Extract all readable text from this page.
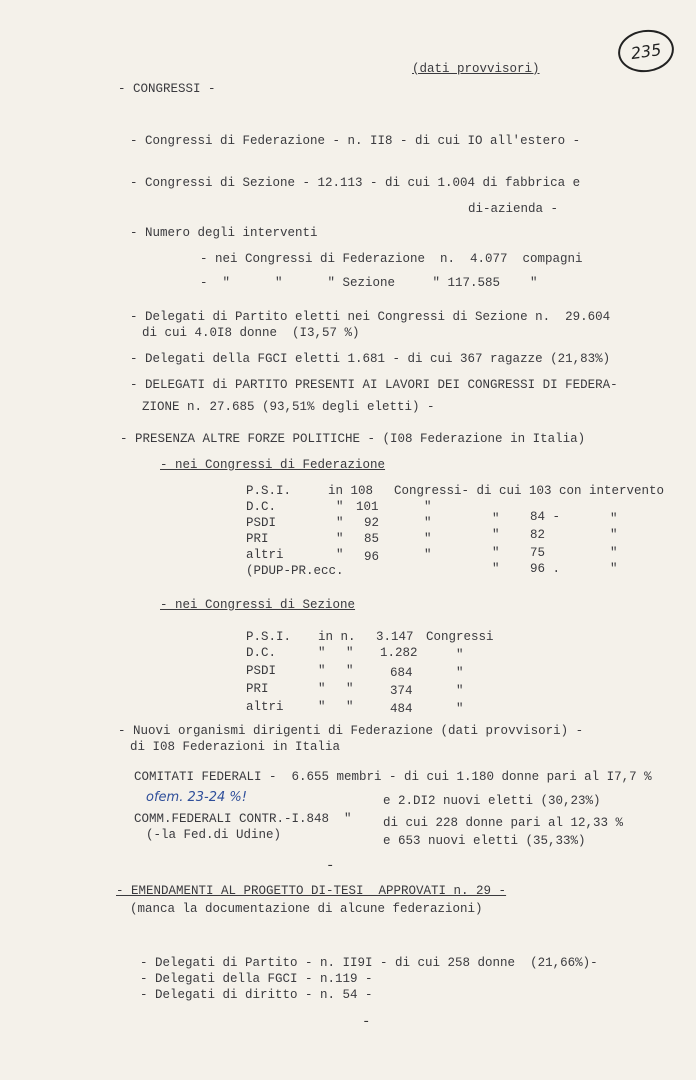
235
(dati provvisori)
- CONGRESSI -
- Congressi di Federazione - n. II8 - di cui IO all'estero -
- Congressi di Sezione - 12.113 - di cui 1.004 di fabbrica e
di-azienda -
- Numero degli interventi
- nei Congressi di Federazione  n.  4.077  compagni
-  "      "      " Sezione     " 117.585    "
- Delegati di Partito eletti nei Congressi di Sezione n.  29.604
di cui 4.0I8 donne  (I3,57 %)
- Delegati della FGCI eletti 1.681 - di cui 367 ragazze (21,83%)
- DELEGATI di PARTITO PRESENTI AI LAVORI DEI CONGRESSI DI FEDERA-
ZIONE n. 27.685 (93,51% degli eletti) -
- PRESENZA ALTRE FORZE POLITICHE - (I08 Federazione in Italia)
- nei Congressi di Federazione
P.S.I.	in 108 Congressi- di cui 103 con intervento
D.C.	" 101	"
PSDI	" 92	"	" 84 -	"
PRI	" 85	"	" 82	"
altri	" 96	"	" 75	"
(PDUP-PR.ecc.	" 96 .	"
- nei Congressi di Sezione
P.S.I. in n. 3.147 Congressi
D.C.	" " 1.282	"
PSDI	" "	684	"
PRI	" "	374	"
altri	" "	484	"
- Nuovi organismi dirigenti di Federazione (dati provvisori) -
di I08 Federazioni in Italia
COMITATI FEDERALI -  6.655 membri - di cui 1.180 donne pari al I7,7 %
e 2.DI2 nuovi eletti (30,23%)
ofem. 23-24 %!
COMM.FEDERALI CONTR.-I.848  "
(-la Fed.di Udine)
di cui 228 donne pari al 12,33 %
e 653 nuovi eletti (35,33%)
-
- EMENDAMENTI AL PROGETTO DI-TESI  APPROVATI n. 29 -
(manca la documentazione di alcune federazioni)
- Delegati di Partito - n. II9I - di cui 258 donne  (21,66%)-
- Delegati della FGCI - n.119 -
- Delegati di diritto - n. 54 -
-
